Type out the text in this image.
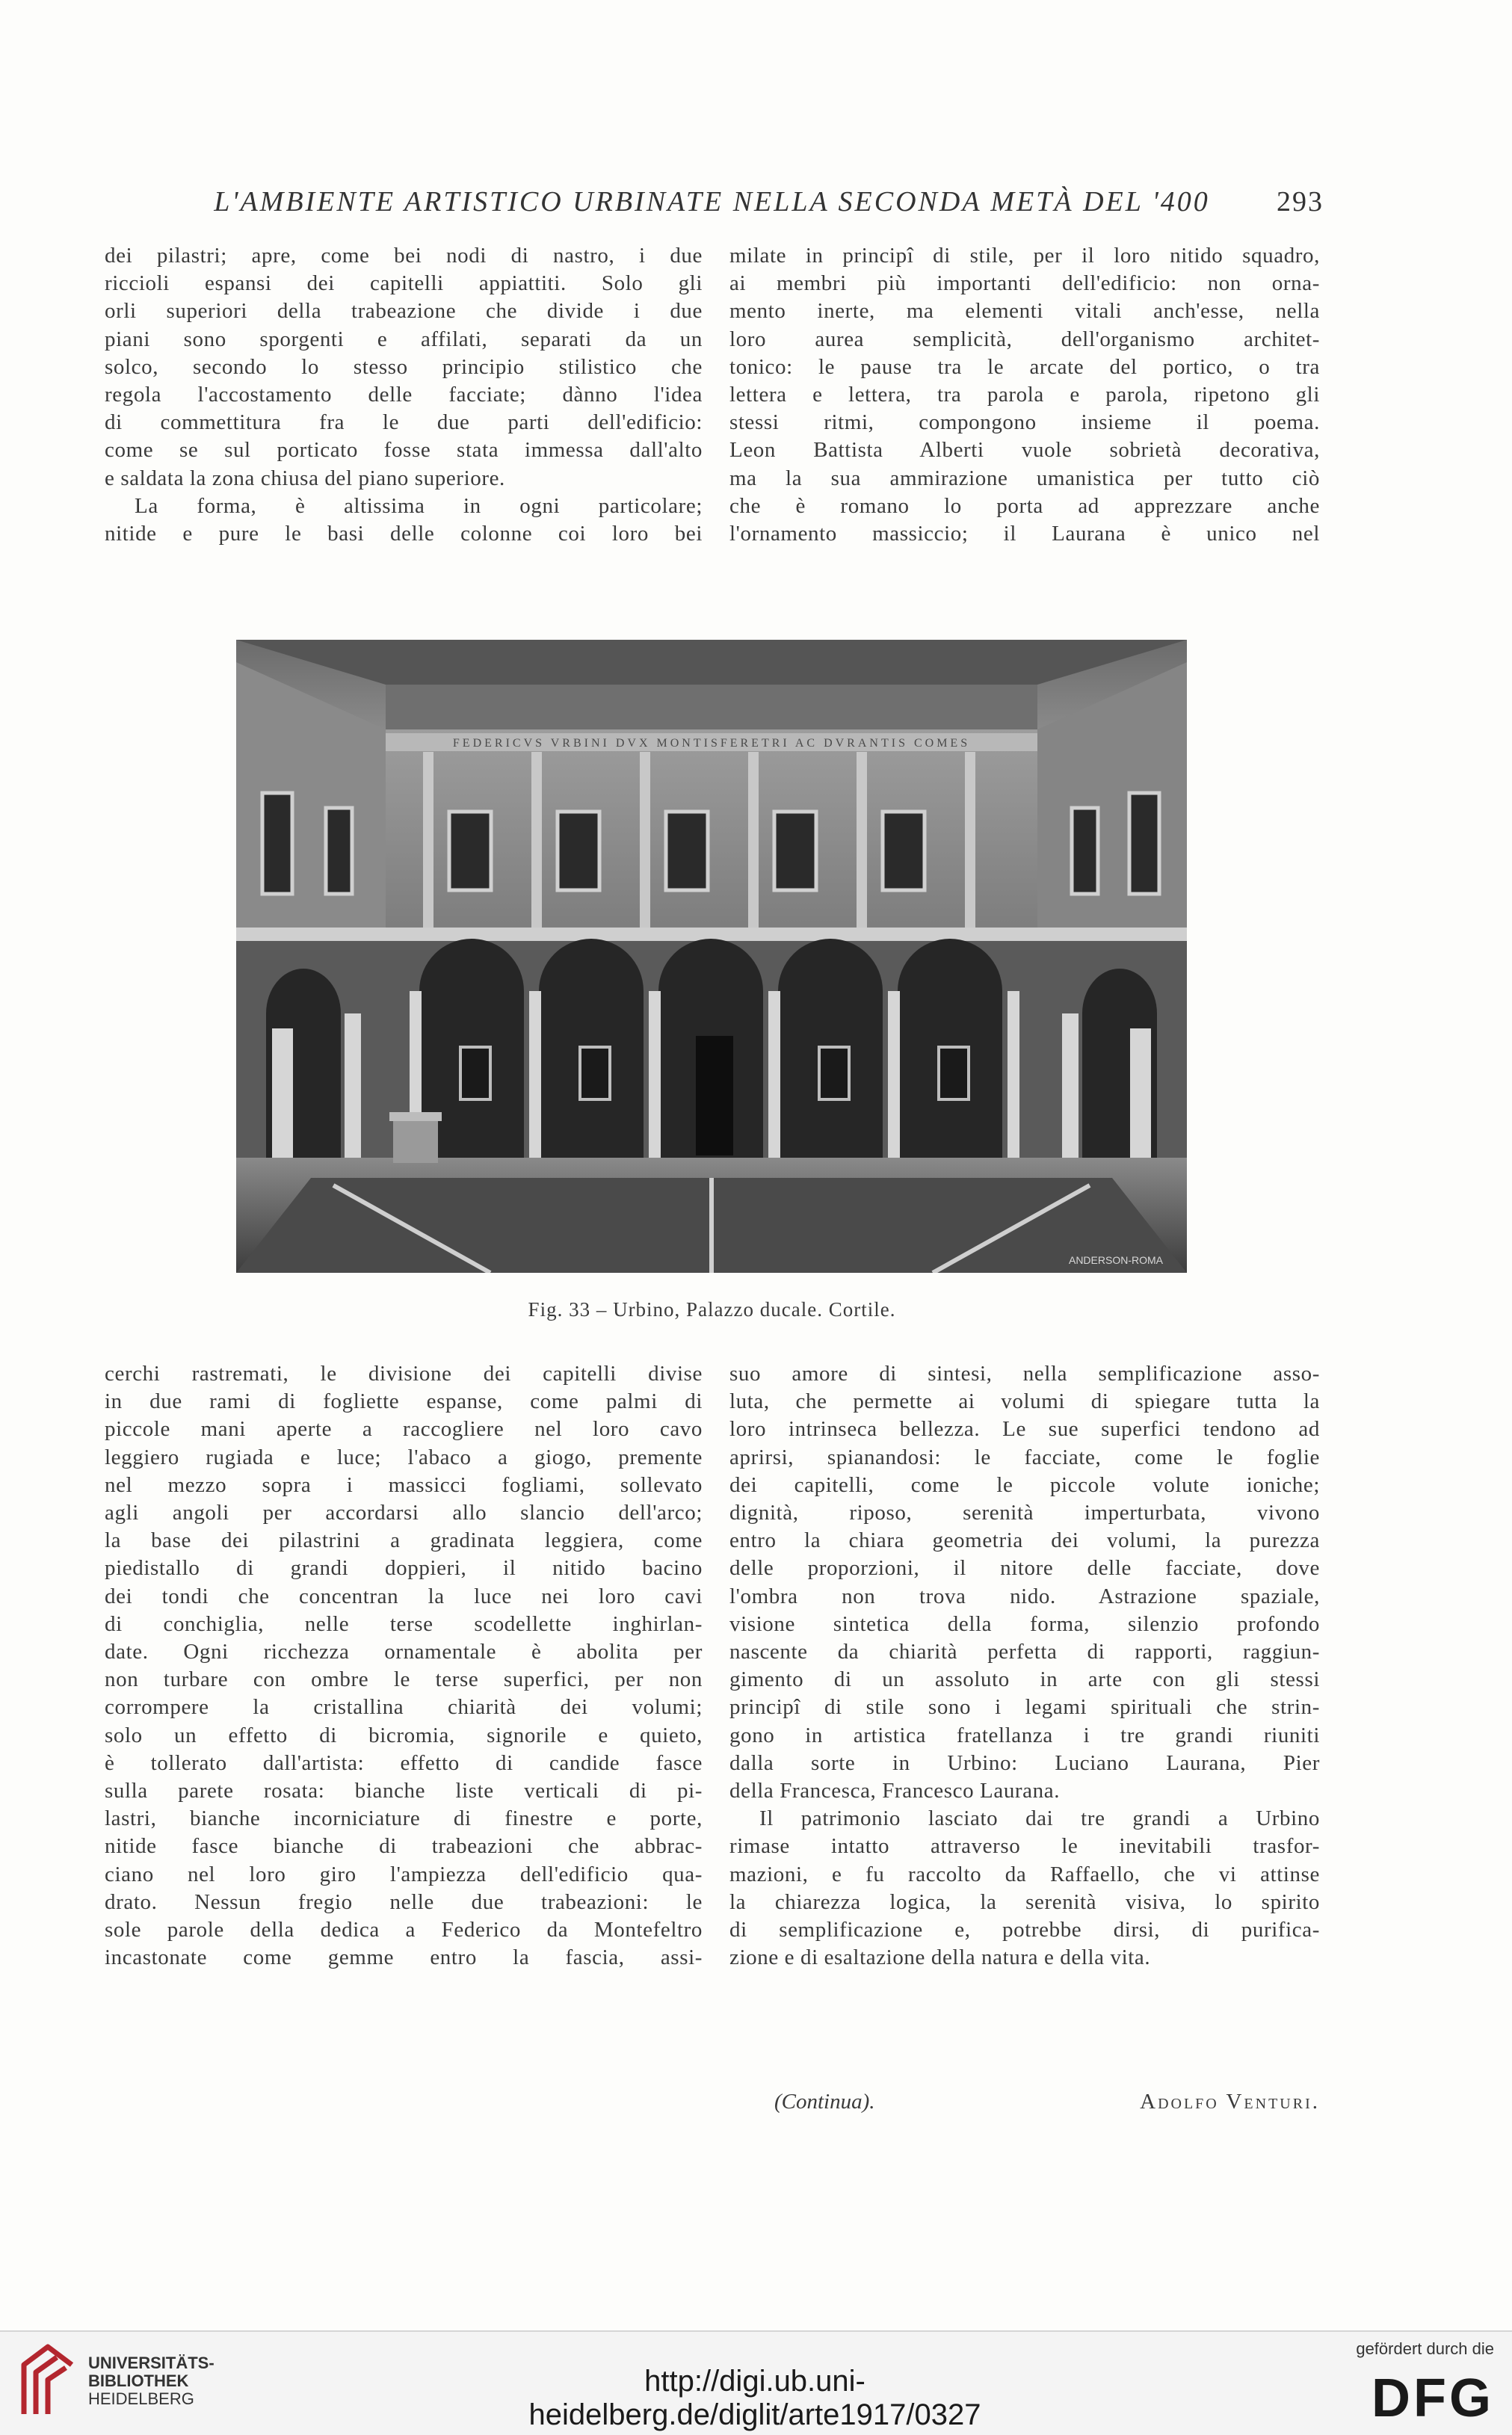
L'AMBIENTE ARTISTICO URBINATE NELLA SECONDA METÀ DEL '400	293
dei pilastri; apre, come bei nodi di nastro, i due
riccioli espansi dei capitelli appiattiti. Solo gli
orli superiori della trabeazione che divide i due
piani sono sporgenti e affilati, separati da un
solco, secondo lo stesso principio stilistico che
regola l'accostamento delle facciate; dànno l'idea
di commettitura fra le due parti dell'edificio:
come se sul porticato fosse stata immessa dall'alto
e saldata la zona chiusa del piano superiore.
La forma, è altissima in ogni particolare;
nitide e pure le basi delle colonne coi loro bei
milate in principî di stile, per il loro nitido squadro,
ai membri più importanti dell'edificio: non orna-
mento inerte, ma elementi vitali anch'esse, nella
loro aurea semplicità, dell'organismo architet-
tonico: le pause tra le arcate del portico, o tra
lettera e lettera, tra parola e parola, ripetono gli
stessi ritmi, compongono insieme il poema.
Leon Battista Alberti vuole sobrietà decorativa,
ma la sua ammirazione umanistica per tutto ciò
che è romano lo porta ad apprezzare anche
l'ornamento massiccio; il Laurana è unico nel
FEDERICVS VRBINI DVX MONTISFERETRI AC DVRANTIS COMES
ANDERSON-ROMA
Fig. 33 – Urbino, Palazzo ducale. Cortile.
cerchi rastremati, le divisione dei capitelli divise
in due rami di fogliette espanse, come palmi di
piccole mani aperte a raccogliere nel loro cavo
leggiero rugiada e luce; l'abaco a giogo, premente
nel mezzo sopra i massicci fogliami, sollevato
agli angoli per accordarsi allo slancio dell'arco;
la base dei pilastrini a gradinata leggiera, come
piedistallo di grandi doppieri, il nitido bacino
dei tondi che concentran la luce nei loro cavi
di conchiglia, nelle terse scodellette inghirlan-
date. Ogni ricchezza ornamentale è abolita per
non turbare con ombre le terse superfici, per non
corrompere la cristallina chiarità dei volumi;
solo un effetto di bicromia, signorile e quieto,
è tollerato dall'artista: effetto di candide fasce
sulla parete rosata: bianche liste verticali di pi-
lastri, bianche incorniciature di finestre e porte,
nitide fasce bianche di trabeazioni che abbrac-
ciano nel loro giro l'ampiezza dell'edificio qua-
drato. Nessun fregio nelle due trabeazioni: le
sole parole della dedica a Federico da Montefeltro
incastonate come gemme entro la fascia, assi-
suo amore di sintesi, nella semplificazione asso-
luta, che permette ai volumi di spiegare tutta la
loro intrinseca bellezza. Le sue superfici tendono ad
aprirsi, spianandosi: le facciate, come le foglie
dei capitelli, come le piccole volute ioniche;
dignità, riposo, serenità imperturbata, vivono
entro la chiara geometria dei volumi, la purezza
delle proporzioni, il nitore delle facciate, dove
l'ombra non trova nido. Astrazione spaziale,
visione sintetica della forma, silenzio profondo
nascente da chiarità perfetta di rapporti, raggiun-
gimento di un assoluto in arte con gli stessi
principî di stile sono i legami spirituali che strin-
gono in artistica fratellanza i tre grandi riuniti
dalla sorte in Urbino: Luciano Laurana, Pier
della Francesca, Francesco Laurana.
Il patrimonio lasciato dai tre grandi a Urbino
rimase intatto attraverso le inevitabili trasfor-
mazioni, e fu raccolto da Raffaello, che vi attinse
la chiarezza logica, la serenità visiva, lo spirito
di semplificazione e, potrebbe dirsi, di purifica-
zione e di esaltazione della natura e della vita.
(Continua).	Adolfo Venturi.
UNIVERSITÄTS-
BIBLIOTHEK
HEIDELBERG
http://digi.ub.uni-heidelberg.de/diglit/arte1917/0327
gefördert durch die
DFG
